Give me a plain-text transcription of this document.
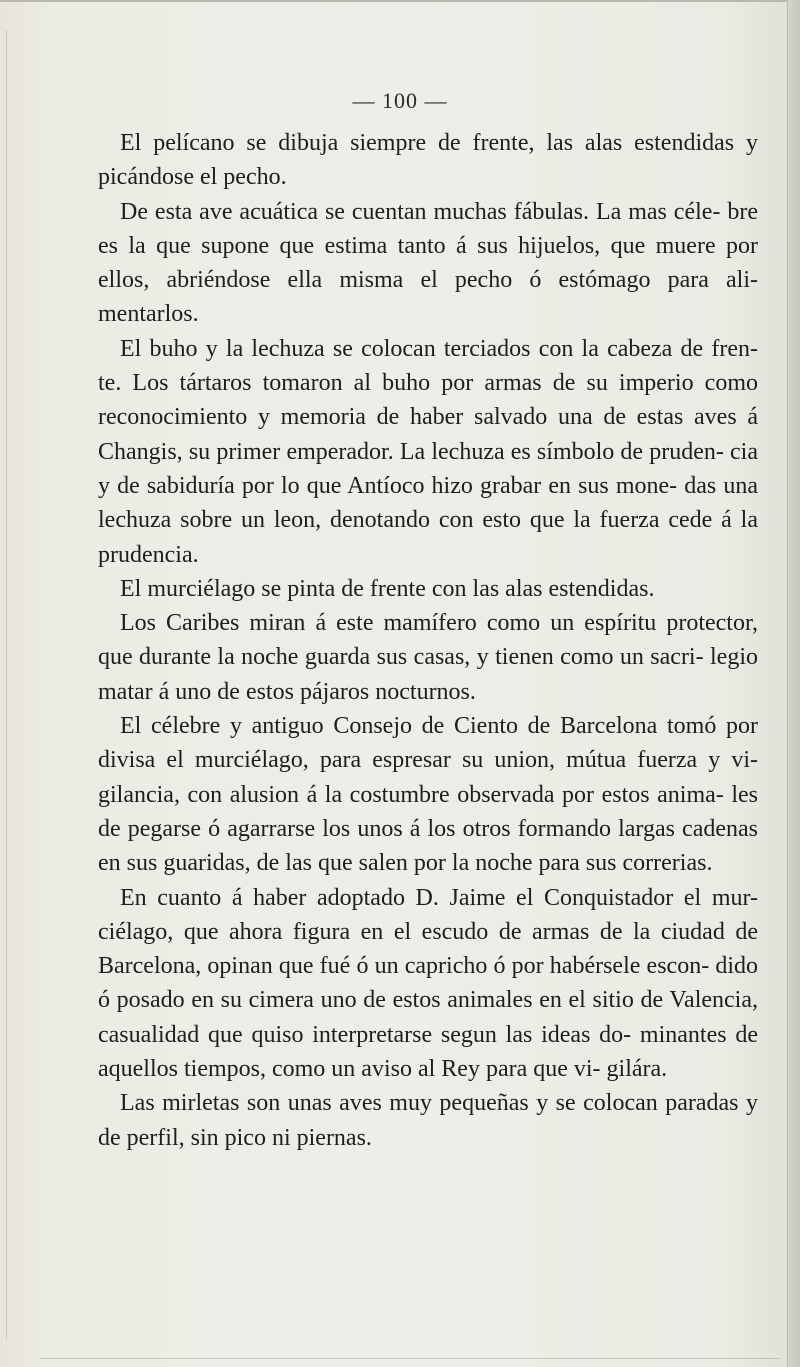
— 100 —

El pelícano se dibuja siempre de frente, las alas estendidas y picándose el pecho.

De esta ave acuática se cuentan muchas fábulas. La mas céle- bre es la que supone que estima tanto á sus hijuelos, que muere por ellos, abriéndose ella misma el pecho ó estómago para ali- mentarlos.

El buho y la lechuza se colocan terciados con la cabeza de fren- te. Los tártaros tomaron al buho por armas de su imperio como reconocimiento y memoria de haber salvado una de estas aves á Changis, su primer emperador. La lechuza es símbolo de pruden- cia y de sabiduría por lo que Antíoco hizo grabar en sus mone- das una lechuza sobre un leon, denotando con esto que la fuerza cede á la prudencia.

El murciélago se pinta de frente con las alas estendidas.

Los Caribes miran á este mamífero como un espíritu protector, que durante la noche guarda sus casas, y tienen como un sacri- legio matar á uno de estos pájaros nocturnos.

El célebre y antiguo Consejo de Ciento de Barcelona tomó por divisa el murciélago, para espresar su union, mútua fuerza y vi- gilancia, con alusion á la costumbre observada por estos anima- les de pegarse ó agarrarse los unos á los otros formando largas cadenas en sus guaridas, de las que salen por la noche para sus correrias.

En cuanto á haber adoptado D. Jaime el Conquistador el mur- ciélago, que ahora figura en el escudo de armas de la ciudad de Barcelona, opinan que fué ó un capricho ó por habérsele escon- dido ó posado en su cimera uno de estos animales en el sitio de Valencia, casualidad que quiso interpretarse segun las ideas do- minantes de aquellos tiempos, como un aviso al Rey para que vi- gilára.

Las mirletas son unas aves muy pequeñas y se colocan paradas y de perfil, sin pico ni piernas.
